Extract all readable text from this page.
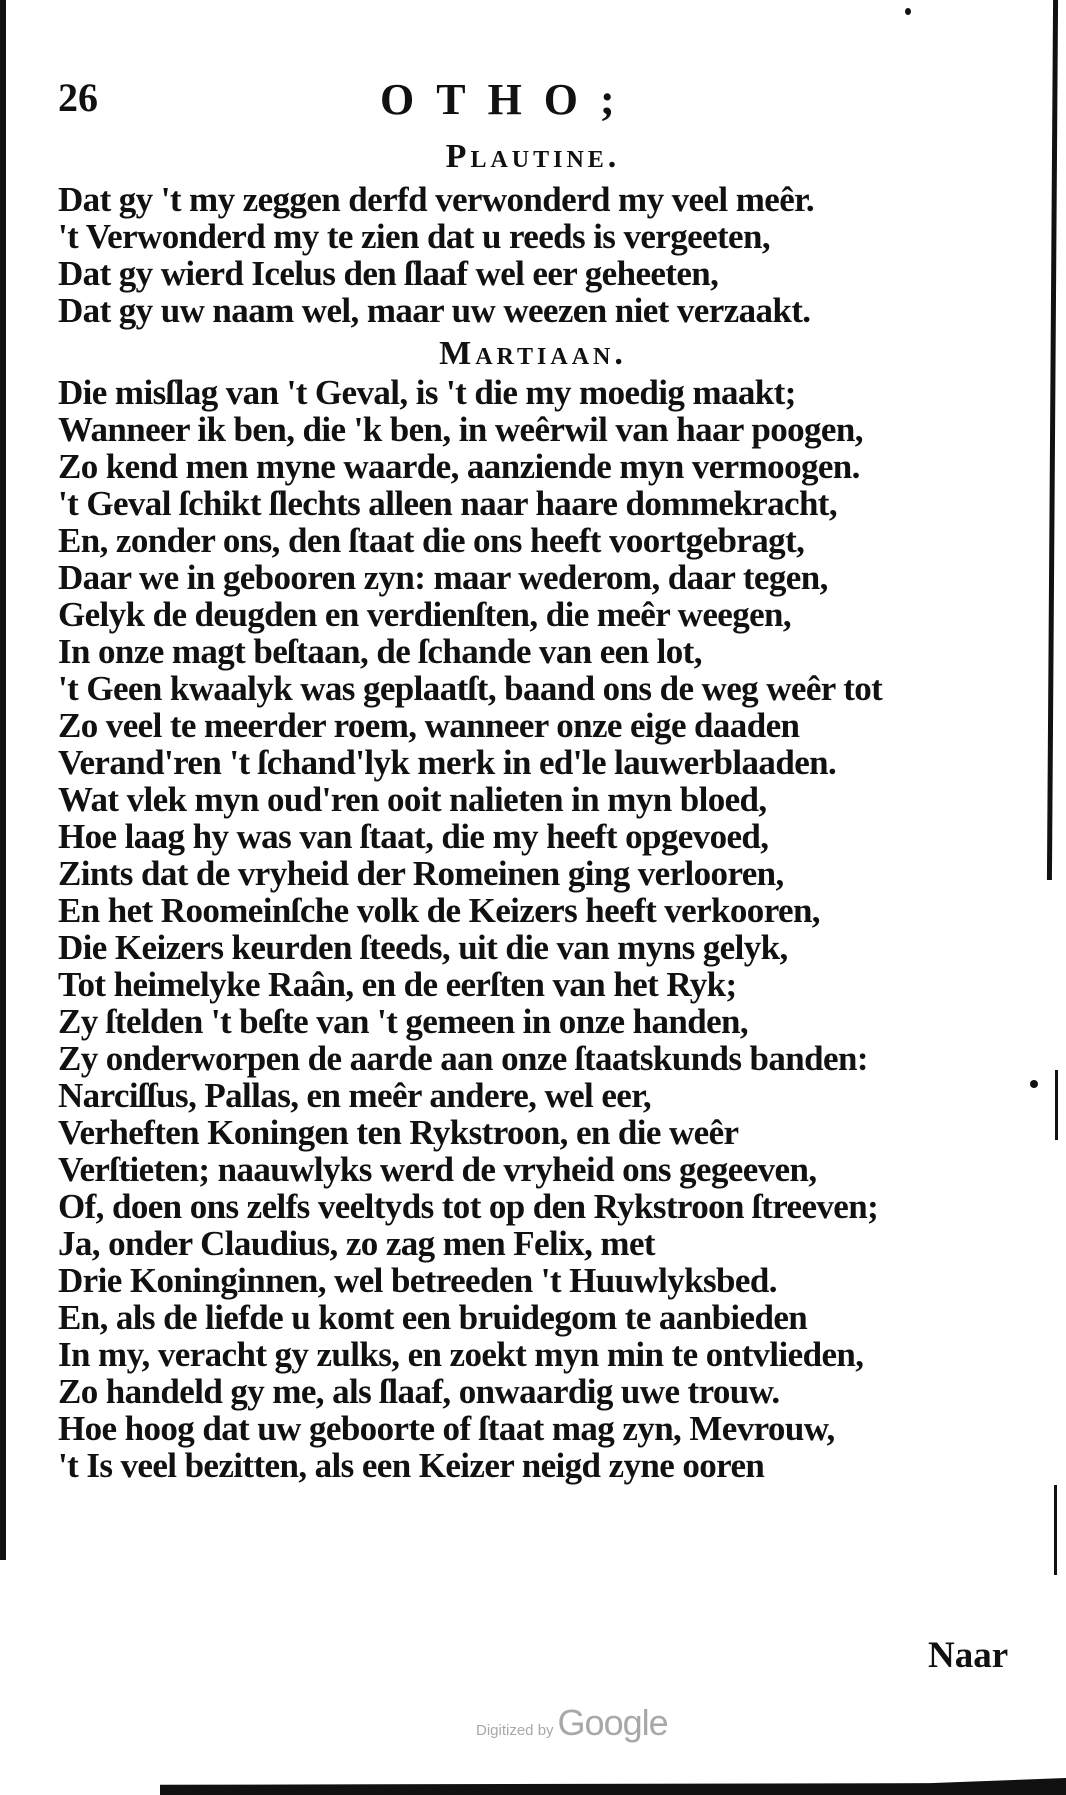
26	OTHO;
Plautine.
Dat gy 't my zeggen derfd verwonderd my veel meêr.
't Verwonderd my te zien dat u reeds is vergeeten,
Dat gy wierd Icelus den ſlaaf wel eer geheeten,
Dat gy uw naam wel, maar uw weezen niet verzaakt.
Martiaan.
Die misſlag van 't Geval, is 't die my moedig maakt;
Wanneer ik ben, die 'k ben, in weêrwil van haar poogen,
Zo kend men myne waarde, aanziende myn vermoogen.
't Geval ſchikt ſlechts alleen naar haare dommekracht,
En, zonder ons, den ſtaat die ons heeft voortgebragt,
Daar we in gebooren zyn: maar wederom, daar tegen,
Gelyk de deugden en verdienſten, die meêr weegen,
In onze magt beſtaan, de ſchande van een lot,
't Geen kwaalyk was geplaatſt, baand ons de weg weêr tot
Zo veel te meerder roem, wanneer onze eige daaden
Verand'ren 't ſchand'lyk merk in ed'le lauwerblaaden.
Wat vlek myn oud'ren ooit nalieten in myn bloed,
Hoe laag hy was van ſtaat, die my heeft opgevoed,
Zints dat de vryheid der Romeinen ging verlooren,
En het Roomeinſche volk de Keizers heeft verkooren,
Die Keizers keurden ſteeds, uit die van myns gelyk,
Tot heimelyke Raân, en de eerſten van het Ryk;
Zy ſtelden 't beſte van 't gemeen in onze handen,
Zy onderworpen de aarde aan onze ſtaatskunds banden:
Narciſſus, Pallas, en meêr andere, wel eer,
Verheften Koningen ten Rykstroon, en die weêr
Verſtieten; naauwlyks werd de vryheid ons gegeeven,
Of, doen ons zelfs veeltyds tot op den Rykstroon ſtreeven;
Ja, onder Claudius, zo zag men Felix, met
Drie Koninginnen, wel betreeden 't Huuwlyksbed.
En, als de liefde u komt een bruidegom te aanbieden
In my, veracht gy zulks, en zoekt myn min te ontvlieden,
Zo handeld gy me, als ſlaaf, onwaardig uwe trouw.
Hoe hoog dat uw geboorte of ſtaat mag zyn, Mevrouw,
't Is veel bezitten, als een Keizer neigd zyne ooren
Naar
Digitized by Google
